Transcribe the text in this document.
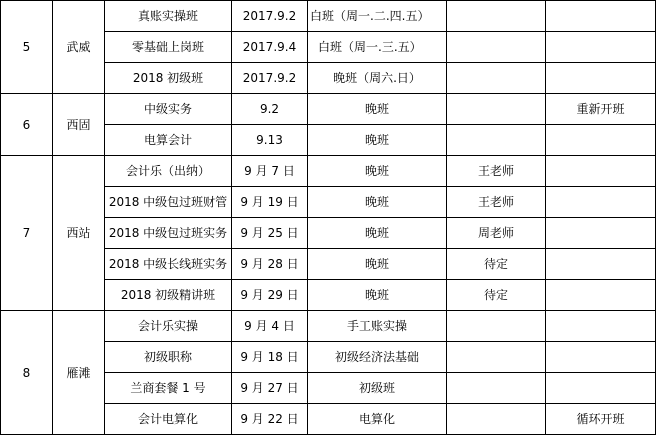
5	武威	真账实操班	2017.9.2	白班（周一.二.四.五）		
		零基础上岗班	2017.9.4	白班（周一.三.五）		
		2018 初级班	2017.9.2	晚班（周六.日）		
6	西固	中级实务	9.2	晚班		重新开班
		电算会计	9.13	晚班		
7	西站	会计乐（出纳）	9 月 7 日	晚班	王老师	
		2018 中级包过班财管	9 月 19 日	晚班	王老师	
		2018 中级包过班实务	9 月 25 日	晚班	周老师	
		2018 中级长线班实务	9 月 28 日	晚班	待定	
		2018 初级精讲班	9 月 29 日	晚班	待定	
8	雁滩	会计乐实操	9 月 4 日	手工账实操		
		初级职称	9 月 18 日	初级经济法基础		
		兰商套餐 1 号	9 月 27 日	初级班		
		会计电算化	9 月 22 日	电算化		循环开班
